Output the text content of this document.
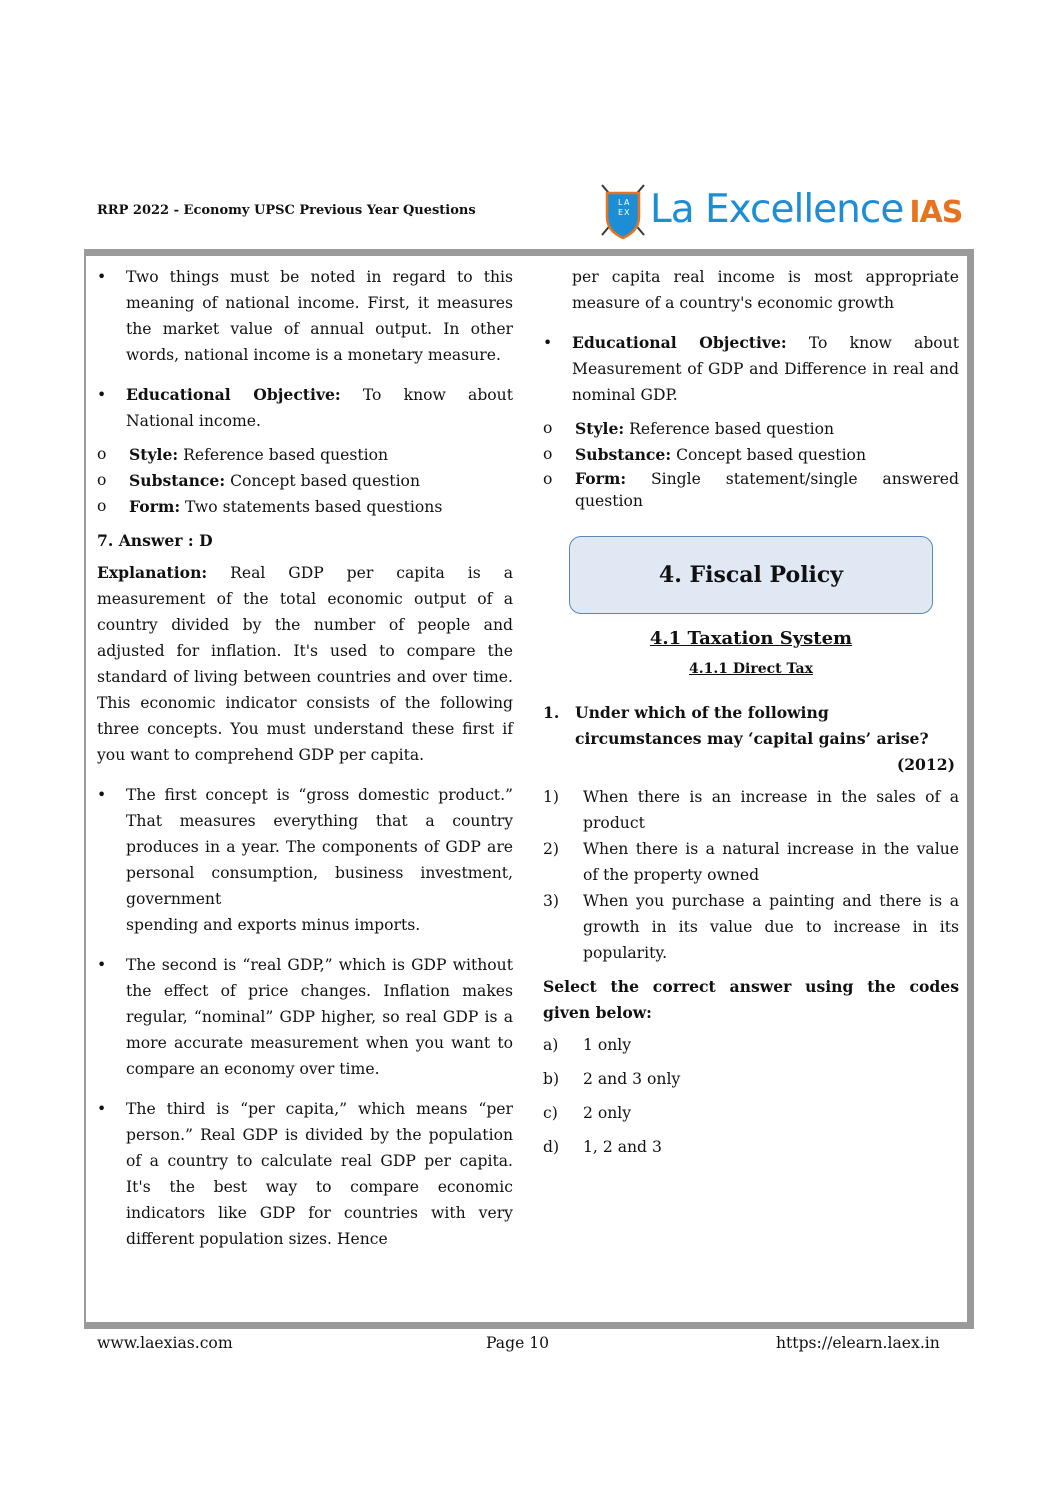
RRP 2022 - Economy UPSC Previous Year Questions
L A
E X La Excellence IAS
• Two things must be noted in regard to this meaning of national income. First, it measures the market value of annual output. In other words, national income is a monetary measure.
• Educational Objective: To know about National income.
o Style: Reference based question
o Substance: Concept based question
o Form: Two statements based questions
7. Answer : D
Explanation: Real GDP per capita is a measurement of the total economic output of a country divided by the number of people and adjusted for inflation. It's used to compare the standard of living between countries and over time. This economic indicator consists of the following three concepts. You must understand these first if you want to comprehend GDP per capita.
• The first concept is “gross domestic product.” That measures everything that a country produces in a year. The components of GDP are personal consumption, business investment, government
spending and exports minus imports.
• The second is “real GDP,” which is GDP without the effect of price changes. Inflation makes regular, “nominal” GDP higher, so real GDP is a more accurate measurement when you want to compare an economy over time.
• The third is “per capita,” which means “per person.” Real GDP is divided by the population of a country to calculate real GDP per capita. It's the best way to compare economic indicators like GDP for countries with very different population sizes. Hence
per capita real income is most appropriate measure of a country's economic growth
• Educational Objective: To know about Measurement of GDP and Difference in real and nominal GDP.
o Style: Reference based question
o Substance: Concept based question
o Form: Single statement/single answered question
4. Fiscal Policy
4.1 Taxation System
4.1.1 Direct Tax
1. Under which of the following circumstances may ‘capital gains’ arise?
(2012)
1) When there is an increase in the sales of a product
2) When there is a natural increase in the value of the property owned
3) When you purchase a painting and there is a growth in its value due to increase in its popularity.
Select the correct answer using the codes given below:
a) 1 only
b) 2 and 3 only
c) 2 only
d) 1, 2 and 3
www.laexias.com	Page 10	https://elearn.laex.in
